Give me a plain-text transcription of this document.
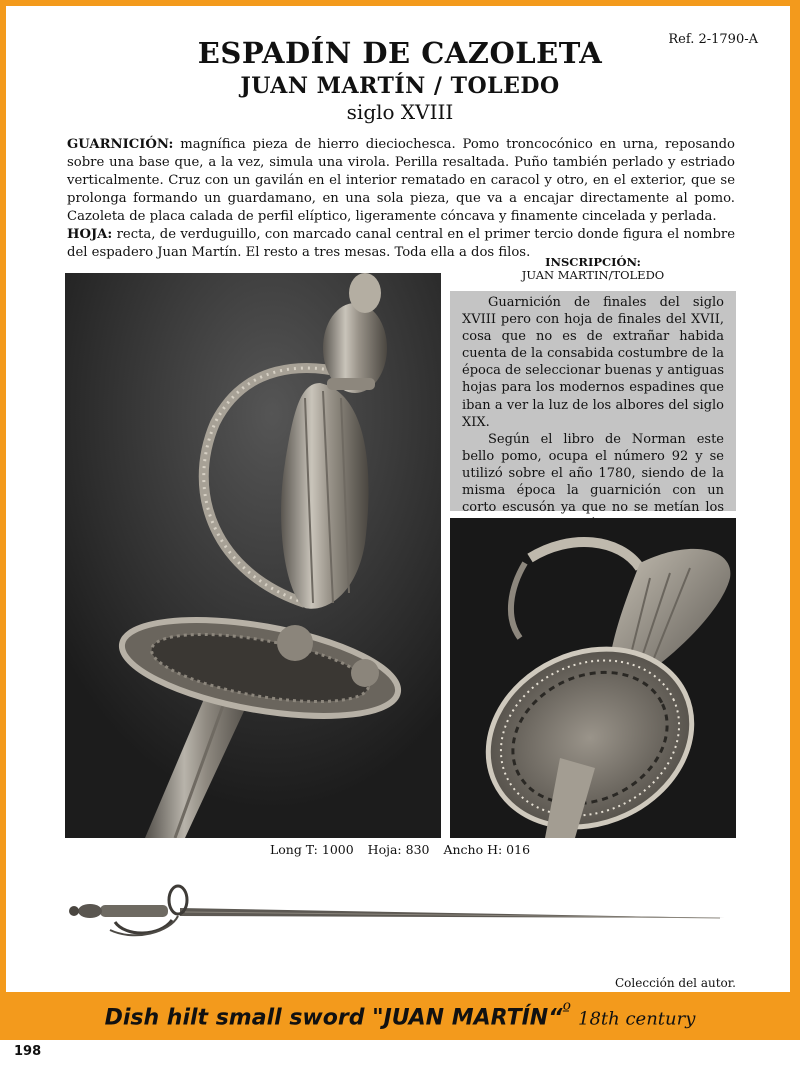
Ref. 2-1790-A
ESPADÍN DE CAZOLETA
JUAN MARTÍN / TOLEDO
siglo XVIII

GUARNICIÓN: magnífica pieza de hierro dieciochesca. Pomo troncocónico en urna, reposando sobre una base que, a la vez, simula una virola. Perilla resaltada. Puño también perlado y estriado verticalmente. Cruz con un gavilán en el interior rematado en caracol y otro, en el exterior, que se prolonga formando un guardamano, en una sola pieza, que va a encajar directamente al pomo. Cazoleta de placa calada de perfil elíptico, ligeramente cóncava y finamente cincelada y perlada.

HOJA: recta, de verduguillo, con marcado canal central en el primer tercio donde figura el nombre del espadero Juan Martín. El resto a tres mesas. Toda ella a dos filos.

INSCRIPCIÓN:
JUAN MARTIN/TOLEDO

Guarnición de finales del siglo XVIII pero con hoja de finales del XVII, cosa que no es de extrañar habida cuenta de la consabida costumbre de la época de seleccionar buenas y antiguas hojas para los modernos espadines que iban a ver la luz de los albores del siglo XIX.

Según el libro de Norman este bello pomo, ocupa el número 92 y se utilizó sobre el año 1780, siendo de la misma época la guarnición con un corto escusón ya que no se metían los

Long T: 1000 Hoja: 830 Ancho H: 016
Colección del autor.
Dish hilt small sword "JUAN MARTÍN“$^º$ 18th century
198
